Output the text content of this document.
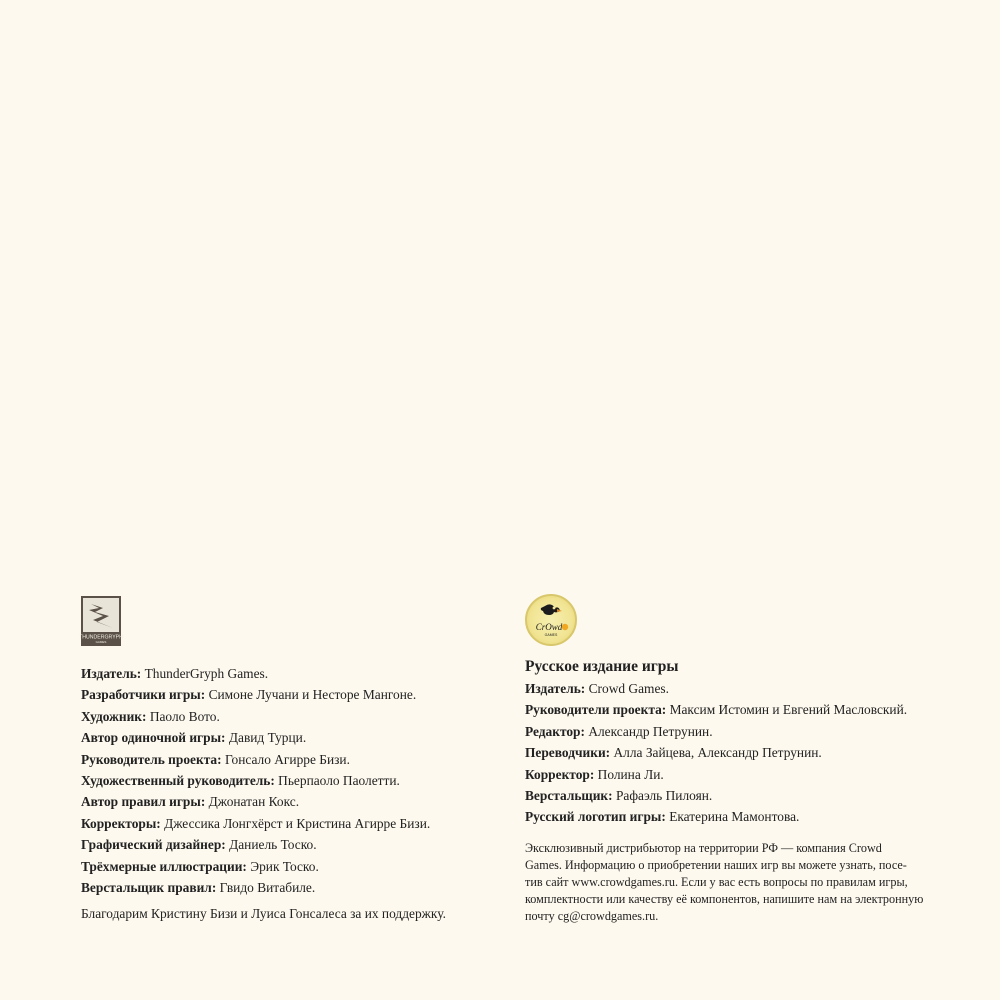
THUNDERGRYPH
GAMES
Издатель: ThunderGryph Games.
Разработчики игры: Симоне Лучани и Несторе Мангоне.
Художник: Паоло Вото.
Автор одиночной игры: Давид Турци.
Руководитель проекта: Гонсало Агирре Бизи.
Художественный руководитель: Пьерпаоло Паолетти.
Автор правил игры: Джонатан Кокс.
Корректоры: Джессика Лонгхёрст и Кристина Агирре Бизи.
Графический дизайнер: Даниель Тоско.
Трёхмерные иллюстрации: Эрик Тоско.
Верстальщик правил: Гвидо Витабиле.
Благодарим Кристину Бизи и Луиса Гонсалеса за их поддержку.
CrOwd
GAMES
Русское издание игры
Издатель: Crowd Games.
Руководители проекта: Максим Истомин и Евгений Масловский.
Редактор: Александр Петрунин.
Переводчики: Алла Зайцева, Александр Петрунин.
Корректор: Полина Ли.
Верстальщик: Рафаэль Пилоян.
Русский логотип игры: Екатерина Мамонтова.
Эксклюзивный дистрибьютор на территории РФ — компания Crowd
Games. Информацию о приобретении наших игр вы можете узнать, посе-
тив сайт www.crowdgames.ru. Если у вас есть вопросы по правилам игры,
комплектности или качеству её компонентов, напишите нам на электронную
почту cg@crowdgames.ru.
